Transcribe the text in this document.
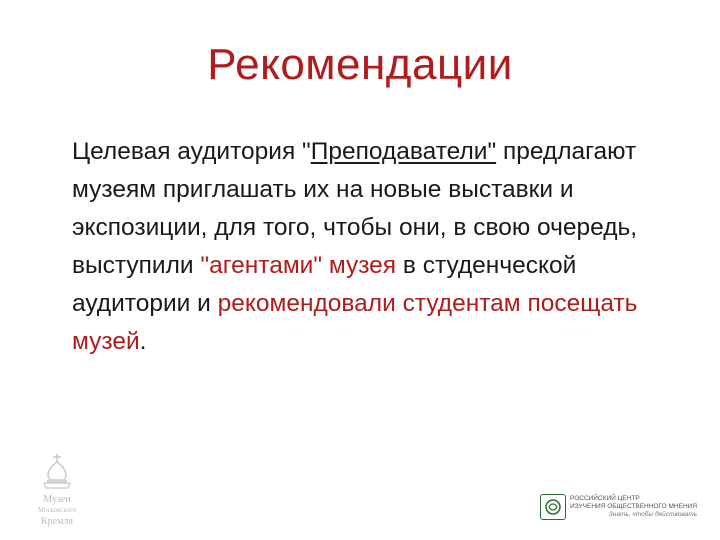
Рекомендации
Целевая аудитория "Преподаватели" предлагают музеям приглашать их на новые выставки и экспозиции, для того, чтобы они, в свою очередь, выступили "агентами" музея в студенческой аудитории и рекомендовали студентам посещать музей.
Музеи
Московского
Кремля
РОССИЙСКИЙ ЦЕНТР
ИЗУЧЕНИЯ ОБЩЕСТВЕННОГО МНЕНИЯ
Знать, чтобы действовать
